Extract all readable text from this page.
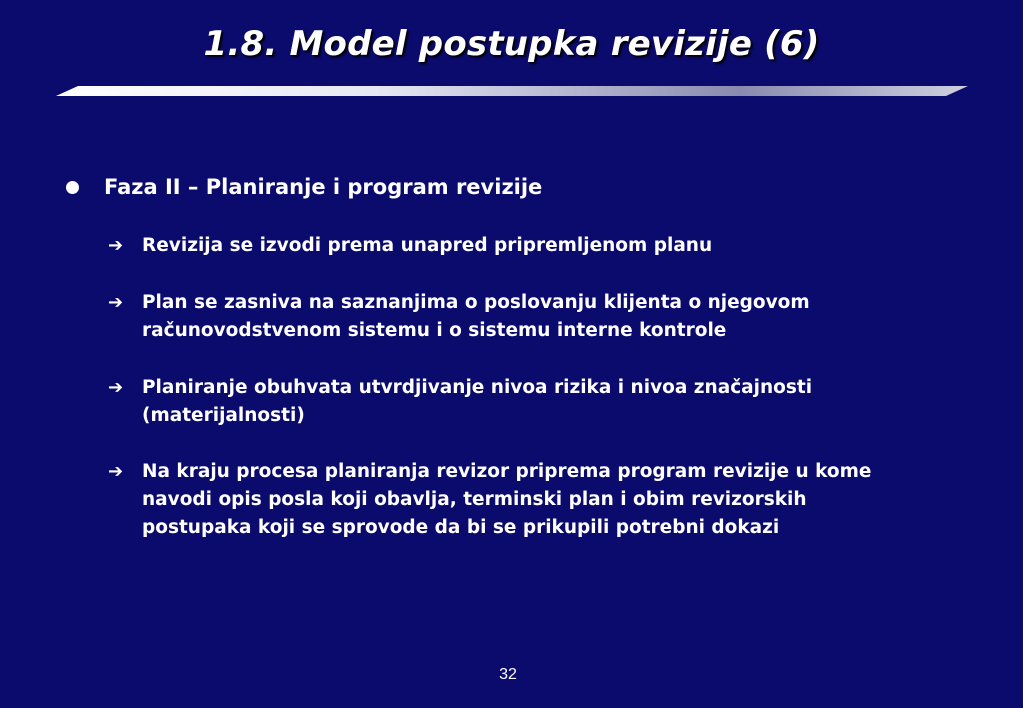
1.8. Model postupka revizije (6)
Faza II – Planiranje i program revizije
➔	Revizija se izvodi prema unapred pripremljenom planu
➔	Plan se zasniva na saznanjima o poslovanju klijenta o njegovom
računovodstvenom sistemu i o sistemu interne kontrole
➔	Planiranje obuhvata utvrdjivanje nivoa rizika i nivoa značajnosti
(materijalnosti)
➔	Na kraju procesa planiranja revizor priprema program revizije u kome
navodi opis posla koji obavlja, terminski plan i obim revizorskih
postupaka koji se sprovode da bi se prikupili potrebni dokazi
32
